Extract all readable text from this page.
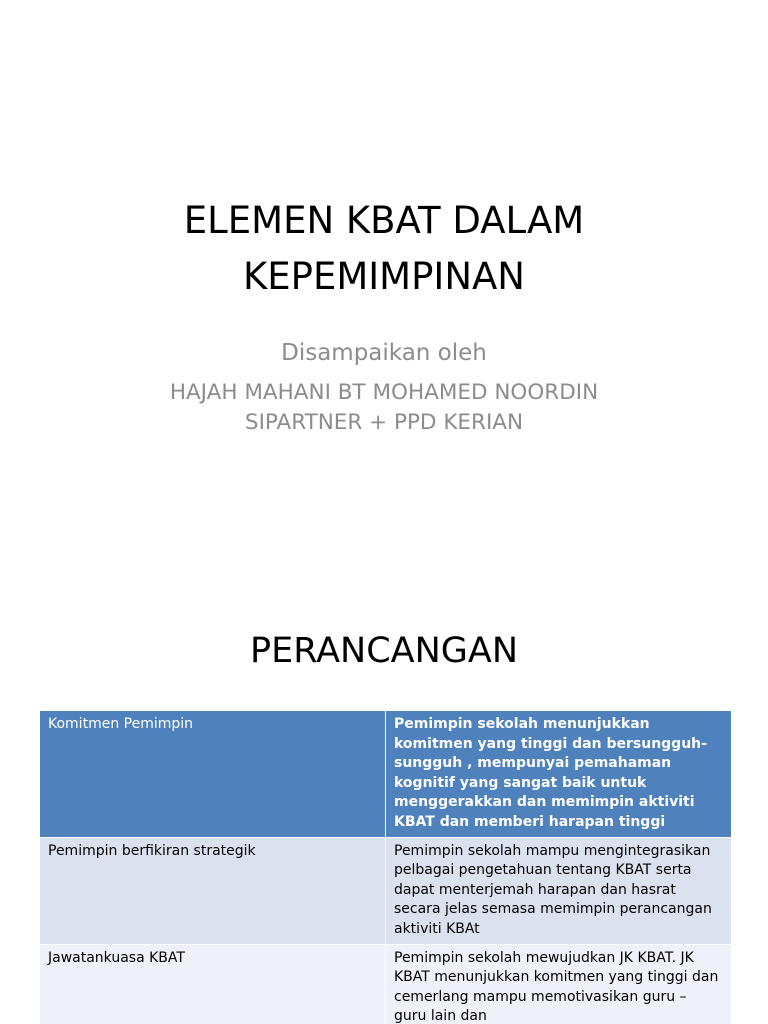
ELEMEN KBAT DALAM
KEPEMIMPINAN

Disampaikan oleh

HAJAH MAHANI BT MOHAMED NOORDIN

SIPARTNER + PPD KERIAN

PERANCANGAN
Komitmen Pemimpin	Pemimpin sekolah menunjukkan komitmen yang tinggi dan bersungguh-sungguh , mempunyai pemahaman kognitif yang sangat baik untuk menggerakkan dan memimpin aktiviti KBAT dan memberi harapan tinggi
Pemimpin berfikiran strategik	Pemimpin sekolah mampu mengintegrasikan pelbagai pengetahuan tentang KBAT serta dapat menterjemah harapan dan hasrat secara jelas semasa memimpin perancangan aktiviti KBAt
Jawatankuasa KBAT	Pemimpin sekolah mewujudkan JK KBAT. JK KBAT menunjukkan komitmen yang tinggi dan cemerlang mampu memotivasikan guru – guru lain dan
